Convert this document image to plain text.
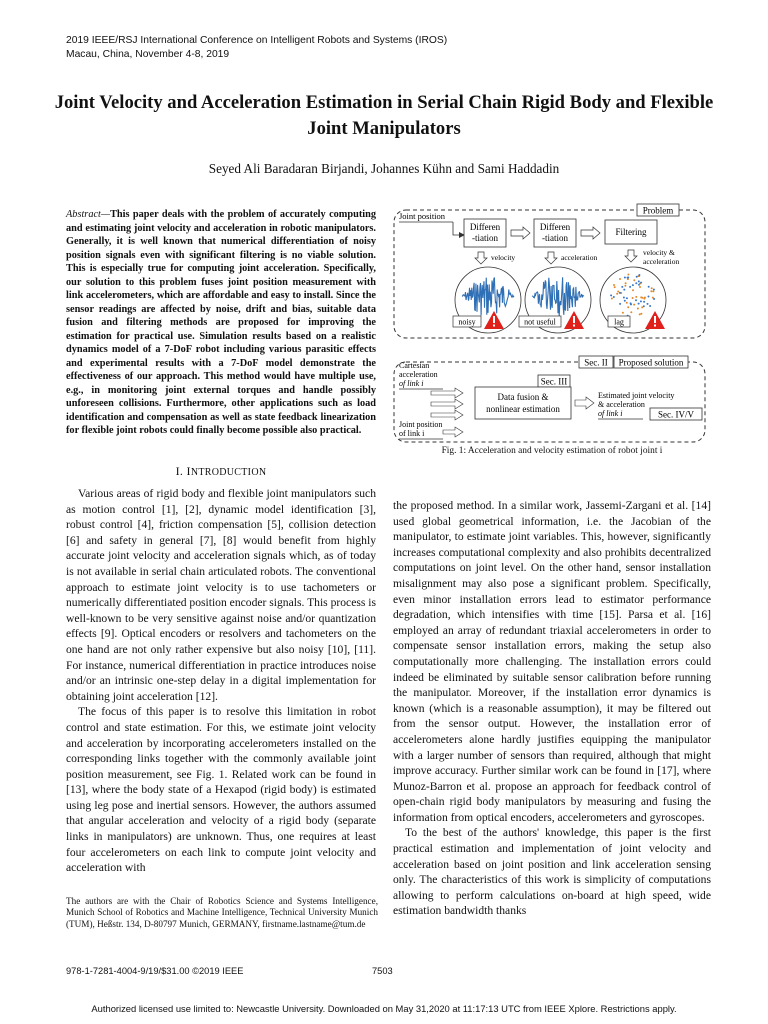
2019 IEEE/RSJ International Conference on Intelligent Robots and Systems (IROS)
Macau, China, November 4-8, 2019
Joint Velocity and Acceleration Estimation in Serial Chain Rigid Body and Flexible Joint Manipulators
Seyed Ali Baradaran Birjandi, Johannes Kühn and Sami Haddadin
Abstract—This paper deals with the problem of accurately computing and estimating joint velocity and acceleration in robotic manipulators. Generally, it is well known that numerical differentiation of noisy position signals even with significant filtering is no viable solution. This is especially true for computing joint acceleration. Specifically, our solution to this problem fuses joint position measurement with link accelerometers, which are affordable and easy to install. Since the sensor readings are affected by noise, drift and bias, suitable data fusion and filtering methods are proposed for improving the estimation for practical use. Simulation results based on a realistic dynamics model of a 7-DoF robot including various parasitic effects and experimental results with a 7-DoF model demonstrate the effectiveness of our approach. This method would have multiple use, e.g., in monitoring joint external torques and handle possibly unforeseen collisions. Furthermore, other applications such as load identification and compensation as well as state feedback linearization for flexible joint robots could finally become possible also practical.
I. INTRODUCTION

Various areas of rigid body and flexible joint manipulators such as motion control [1], [2], dynamic model identification [3], robust control [4], friction compensation [5], collision detection [6] and safety in general [7], [8] would benefit from highly accurate joint velocity and acceleration signals which, as of today is not available in serial chain articulated robots. The conventional approach to estimate joint velocity is to use tachometers or numerically differentiated position encoder signals. This process is well-known to be very sensitive against noise and/or quantization effects [9]. Optical encoders or resolvers and tachometers on the one hand are not only rather expensive but also noisy [10], [11]. For instance, numerical differentiation in practice introduces noise and/or an intrinsic one-step delay in a digital implementation for obtaining joint acceleration [12].

The focus of this paper is to resolve this limitation in robot control and state estimation. For this, we estimate joint velocity and acceleration by incorporating accelerometers installed on the corresponding links together with the commonly available joint position measurement, see Fig. 1. Related work can be found in [13], where the body state of a Hexapod (rigid body) is estimated using leg pose and inertial sensors. However, the authors assumed that angular acceleration and velocity of a rigid body (separate links in manipulators) are unknown. Thus, one requires at least four accelerometers on each link to compute joint velocity and acceleration with

The authors are with the Chair of Robotics Science and Systems Intelligence, Munich School of Robotics and Machine Intelligence, Technical University Munich (TUM), Heßstr. 134, D-80797 Munich, GERMANY, firstname.lastname@tum.de
Problem
Joint position
Differen
-tiation
Differen
-tiation
Filtering
velocity	acceleration
velocity &
acceleration
noisy	not useful	lag
Sec. II Proposed solution
Cartesian
acceleration
of link i	Sec. III
Data fusion &
nonlinear estimation
Estimated joint velocity
& acceleration
of link i	Sec. IV/V
Joint position
of link i
Fig. 1: Acceleration and velocity estimation of robot joint i

the proposed method. In a similar work, Jassemi-Zargani et al. [14] used global geometrical information, i.e. the Jacobian of the manipulator, to estimate joint variables. This, however, significantly increases computational complexity and also prohibits decentralized computations on joint level. On the other hand, sensor installation misalignment may also pose a significant problem. Specifically, even minor installation errors lead to estimator performance degradation, which intensifies with time [15]. Parsa et al. [16] employed an array of redundant triaxial accelerometers in order to compensate sensor installation errors, making the setup also computationally more challenging. The installation errors could indeed be eliminated by suitable sensor calibration before running the manipulator. Moreover, if the installation error dynamics is known (which is a reasonable assumption), it may be filtered out from the sensor output. However, the installation error of accelerometers alone hardly justifies equipping the manipulator with a larger number of sensors than required, although that might improve accuracy. Further similar work can be found in [17], where Munoz-Barron et al. propose an approach for feedback control of open-chain rigid body manipulators by measuring and fusing the information from optical encoders, accelerometers and gyroscopes.

To the best of the authors' knowledge, this paper is the first practical estimation and implementation of joint velocity and acceleration based on joint position and link acceleration sensing only. The characteristics of this work is simplicity of computations allowing to perform calculations on-board at high speed, wide estimation bandwidth thanks

978-1-7281-4004-9/19/$31.00 ©2019 IEEE	7503
Authorized licensed use limited to: Newcastle University. Downloaded on May 31,2020 at 11:17:13 UTC from IEEE Xplore. Restrictions apply.
